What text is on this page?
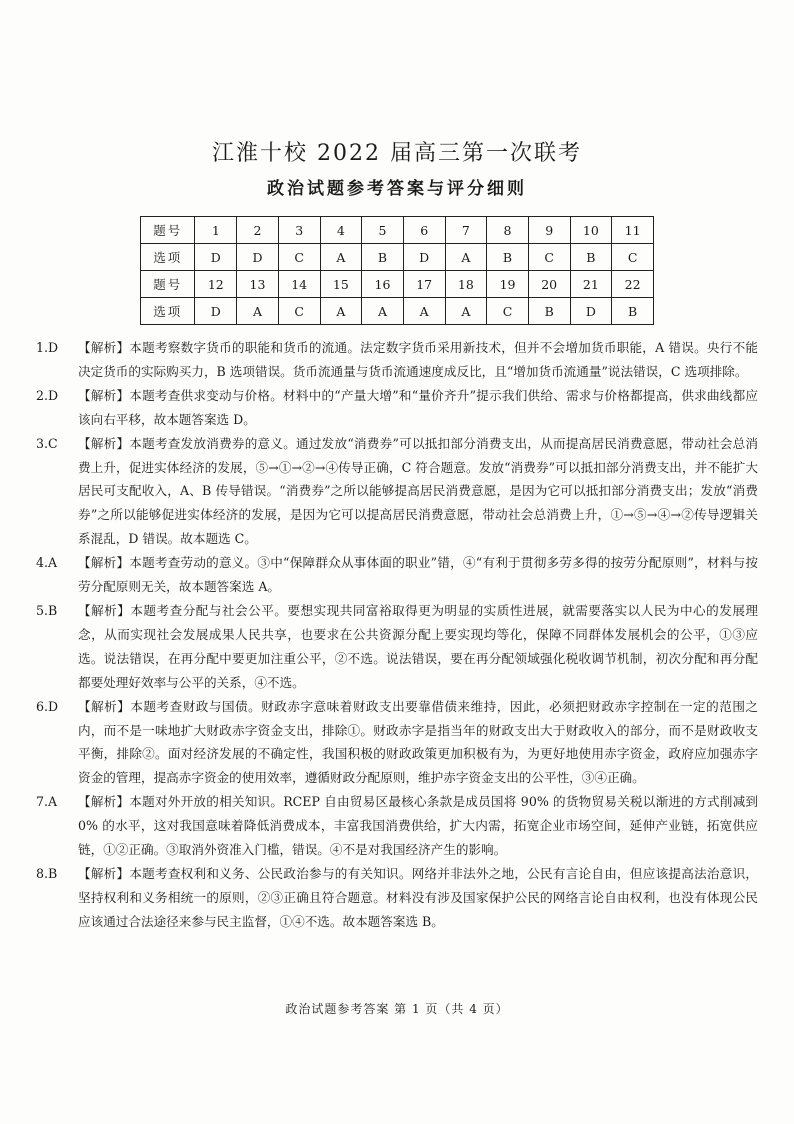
江淮十校 2022 届高三第一次联考
政治试题参考答案与评分细则
题号	1	2	3	4	5	6	7	8	9	10	11
选项	D	D	C	A	B	D	A	B	C	B	C
题号	12	13	14	15	16	17	18	19	20	21	22
选项	D	A	C	A	A	A	A	C	B	D	B
1.D	【解析】本题考察数字货币的职能和货币的流通。法定数字货币采用新技术，但并不会增加货币职能，A 错误。央行不能决定货币的实际购买力，B 选项错误。货币流通量与货币流通速度成反比，且“增加货币流通量”说法错误，C 选项排除。
2.D	【解析】本题考查供求变动与价格。材料中的“产量大增”和“量价齐升”提示我们供给、需求与价格都提高，供求曲线都应该向右平移，故本题答案选 D。
3.C	【解析】本题考查发放消费券的意义。通过发放“消费券”可以抵扣部分消费支出，从而提高居民消费意愿，带动社会总消费上升，促进实体经济的发展，⑤→①→②→④传导正确，C 符合题意。发放“消费券”可以抵扣部分消费支出，并不能扩大居民可支配收入，A、B 传导错误。“消费券”之所以能够提高居民消费意愿，是因为它可以抵扣部分消费支出；发放“消费券”之所以能够促进实体经济的发展，是因为它可以提高居民消费意愿，带动社会总消费上升，①→⑤→④→②传导逻辑关系混乱，D 错误。故本题选 C。
4.A	【解析】本题考查劳动的意义。③中“保障群众从事体面的职业”错，④“有利于贯彻多劳多得的按劳分配原则”，材料与按劳分配原则无关，故本题答案选 A。
5.B	【解析】本题考查分配与社会公平。要想实现共同富裕取得更为明显的实质性进展，就需要落实以人民为中心的发展理念，从而实现社会发展成果人民共享，也要求在公共资源分配上要实现均等化，保障不同群体发展机会的公平，①③应选。说法错误，在再分配中要更加注重公平，②不选。说法错误，要在再分配领域强化税收调节机制，初次分配和再分配都要处理好效率与公平的关系，④不选。
6.D	【解析】本题考查财政与国债。财政赤字意味着财政支出要靠借债来维持，因此，必须把财政赤字控制在一定的范围之内，而不是一味地扩大财政赤字资金支出，排除①。财政赤字是指当年的财政支出大于财政收入的部分，而不是财政收支平衡，排除②。面对经济发展的不确定性，我国积极的财政政策更加积极有为，为更好地使用赤字资金，政府应加强赤字资金的管理，提高赤字资金的使用效率，遵循财政分配原则，维护赤字资金支出的公平性，③④正确。
7.A	【解析】本题对外开放的相关知识。RCEP 自由贸易区最核心条款是成员国将 90% 的货物贸易关税以渐进的方式削减到 0% 的水平，这对我国意味着降低消费成本，丰富我国消费供给，扩大内需，拓宽企业市场空间，延伸产业链，拓宽供应链，①②正确。③取消外资准入门槛，错误。④不是对我国经济产生的影响。
8.B	【解析】本题考查权利和义务、公民政治参与的有关知识。网络并非法外之地，公民有言论自由，但应该提高法治意识，坚持权利和义务相统一的原则，②③正确且符合题意。材料没有涉及国家保护公民的网络言论自由权利，也没有体现公民应该通过合法途径来参与民主监督，①④不选。故本题答案选 B。
政治试题参考答案 第 1 页（共 4 页）
